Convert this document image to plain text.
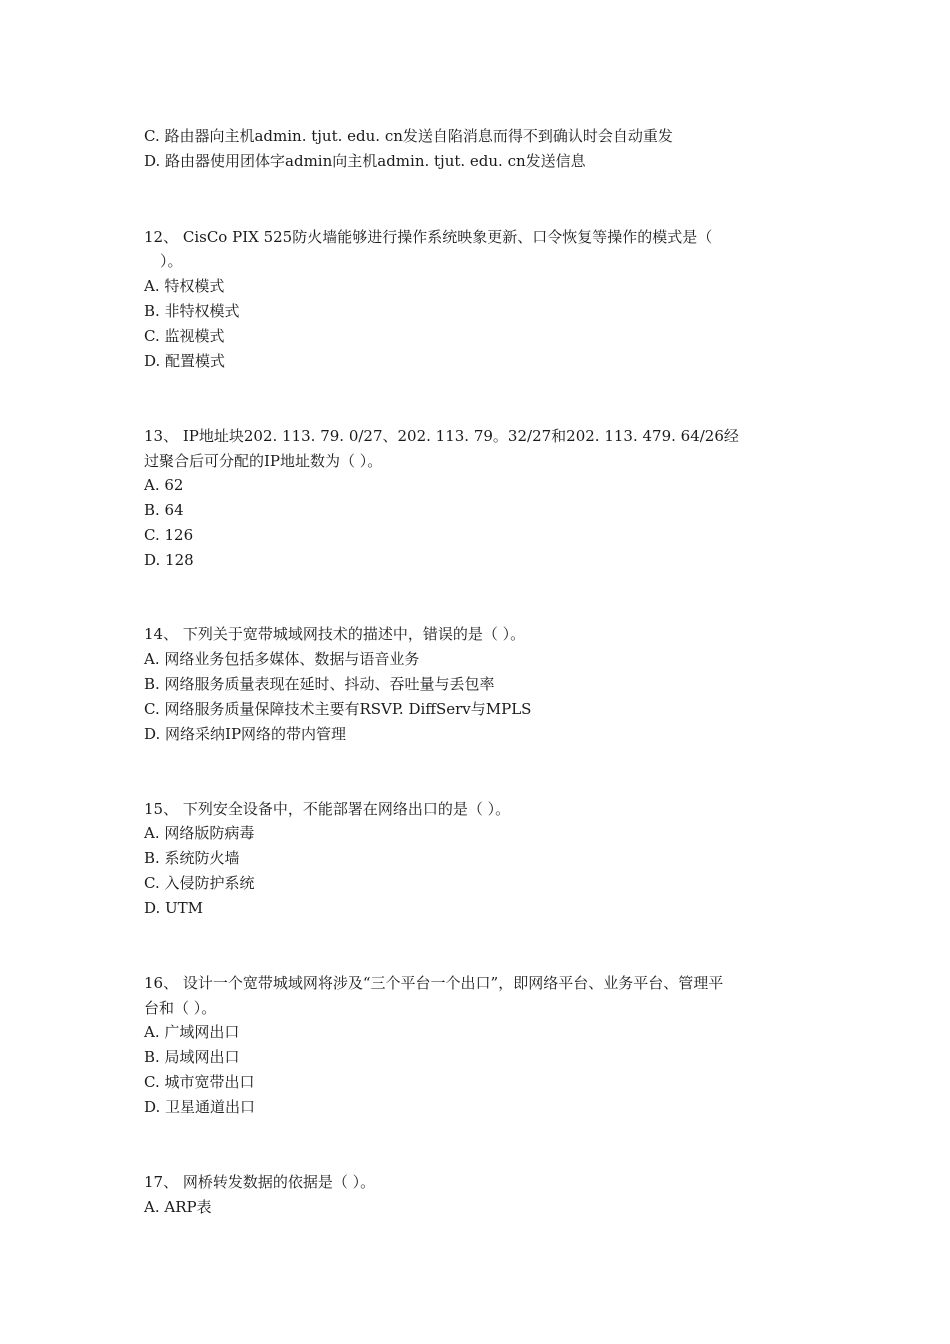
C. 路由器向主机admin. tjut. edu. cn发送自陷消息而得不到确认时会自动重发
D. 路由器使用团体字admin向主机admin. tjut. edu. cn发送信息
12、 CisCo PIX 525防火墙能够进行操作系统映象更新、口令恢复等操作的模式是（
）。
A. 特权模式
B. 非特权模式
C. 监视模式
D. 配置模式
13、 IP地址块202. 113. 79. 0/27、202. 113. 79。32/27和202. 113. 479. 64/26经
过聚合后可分配的IP地址数为（ ）。
A. 62
B. 64
C. 126
D. 128
14、 下列关于宽带城域网技术的描述中，错误的是（ ）。
A. 网络业务包括多媒体、数据与语音业务
B. 网络服务质量表现在延时、抖动、吞吐量与丢包率
C. 网络服务质量保障技术主要有RSVP. DiffServ与MPLS
D. 网络采纳IP网络的带内管理
15、 下列安全设备中，不能部署在网络出口的是（ ）。
A. 网络版防病毒
B. 系统防火墙
C. 入侵防护系统
D. UTM
16、 设计一个宽带城域网将涉及“三个平台一个出口”，即网络平台、业务平台、管理平
台和（ ）。
A. 广域网出口
B. 局域网出口
C. 城市宽带出口
D. 卫星通道出口
17、 网桥转发数据的依据是（ ）。
A. ARP表
